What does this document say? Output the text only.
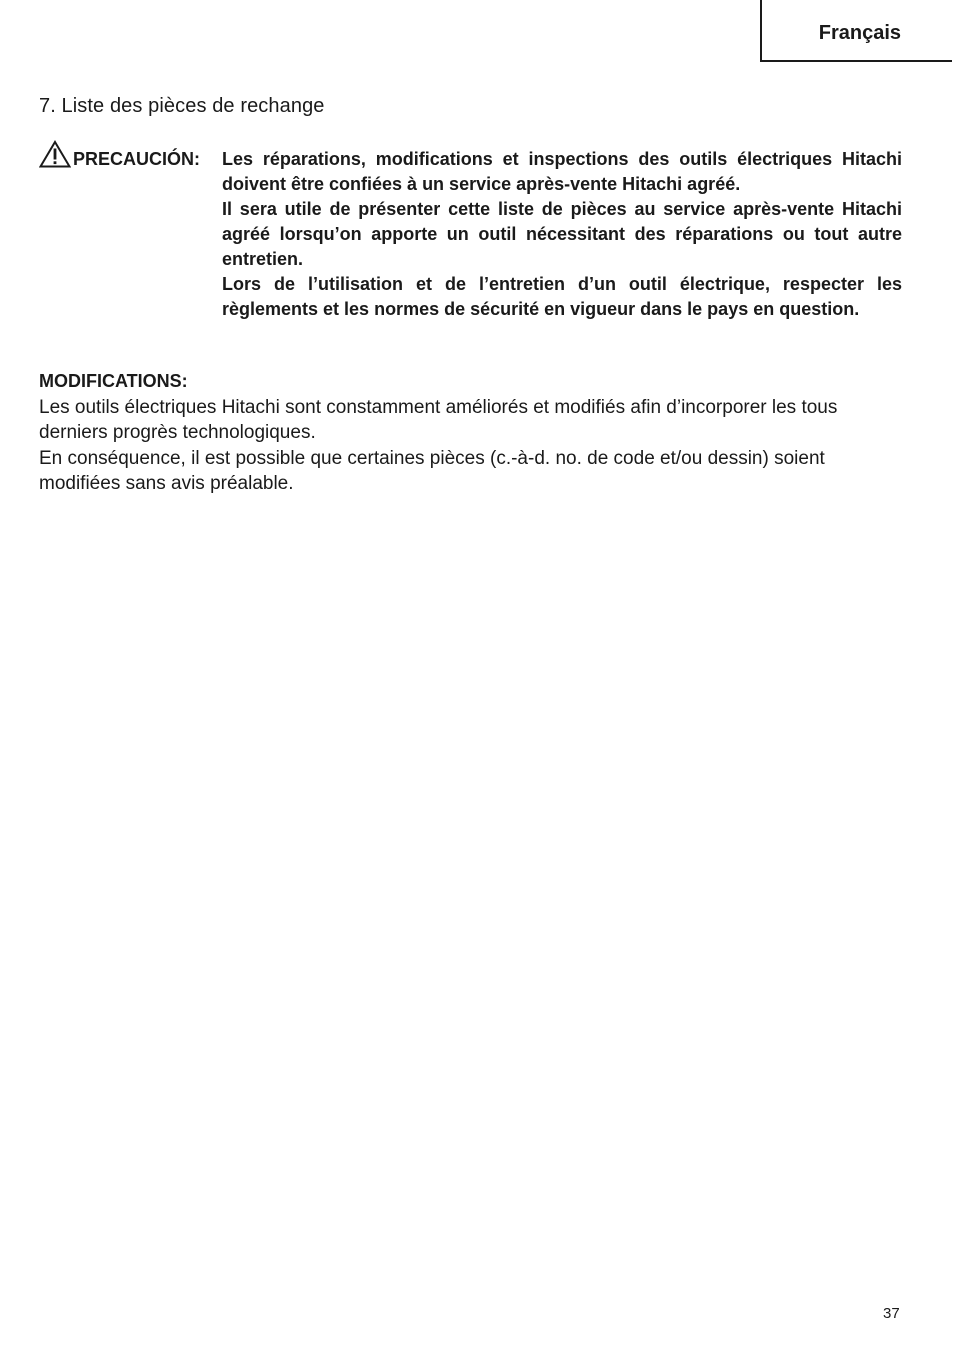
Français
7. Liste des pièces de rechange
PRECAUCIÓN: Les réparations, modifications et inspections des outils électriques Hitachi doivent être confiées à un service après-vente Hitachi agréé.

Il sera utile de présenter cette liste de pièces au service après-vente Hitachi agréé lorsqu’on apporte un outil nécessitant des réparations ou tout autre entretien.

Lors de l’utilisation et de l’entretien d’un outil électrique, respecter les règlements et les normes de sécurité en vigueur dans le pays en question.

MODIFICATIONS:

Les outils électriques Hitachi sont constamment améliorés et modifiés afin d’incorporer les tous derniers progrès technologiques.

En conséquence, il est possible que certaines pièces (c.-à-d. no. de code et/ou dessin) soient modifiées sans avis préalable.

37
